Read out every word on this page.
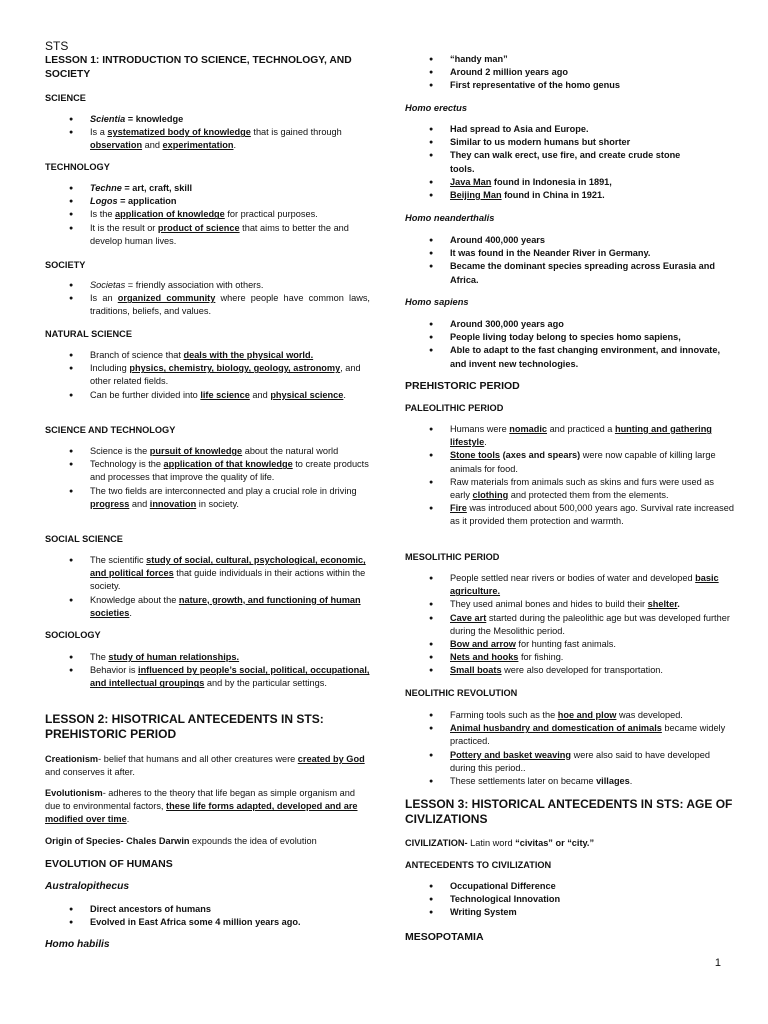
STS
LESSON 1: INTRODUCTION TO SCIENCE, TECHNOLOGY, AND SOCIETY
SCIENCE
● Scientia = knowledge
● Is a systematized body of knowledge that is gained through observation and experimentation.
TECHNOLOGY
● Techne = art, craft, skill
● Logos = application
● Is the application of knowledge for practical purposes.
● It is the result or product of science that aims to better the and develop human lives.
SOCIETY
● Societas = friendly association with others.
● Is an organized community where people have common laws, traditions, beliefs, and values.
NATURAL SCIENCE
● Branch of science that deals with the physical world.
● Including physics, chemistry, biology, geology, astronomy, and other related fields.
● Can be further divided into life science and physical science.
SCIENCE AND TECHNOLOGY
● Science is the pursuit of knowledge about the natural world
● Technology is the application of that knowledge to create products and processes that improve the quality of life.
● The two fields are interconnected and play a crucial role in driving progress and innovation in society.
SOCIAL SCIENCE
● The scientific study of social, cultural, psychological, economic, and political forces that guide individuals in their actions within the society.
● Knowledge about the nature, growth, and functioning of human societies.
SOCIOLOGY
● The study of human relationships.
● Behavior is influenced by people’s social, political, occupational, and intellectual groupings and by the particular settings.
LESSON 2: HISOTRICAL ANTECEDENTS IN STS: PREHISTORIC PERIOD
Creationism- belief that humans and all other creatures were created by God and conserves it after.
Evolutionism- adheres to the theory that life began as simple organism and due to environmental factors, these life forms adapted, developed and are modified over time.
Origin of Species- Chales Darwin expounds the idea of evolution
EVOLUTION OF HUMANS
Australopithecus
● Direct ancestors of humans
● Evolved in East Africa some 4 million years ago.
Homo habilis
● “handy man”
● Around 2 million years ago
● First representative of the homo genus
Homo erectus
● Had spread to Asia and Europe.
● Similar to us modern humans but shorter
● They can walk erect, use fire, and create crude stone tools.
● Java Man found in Indonesia in 1891,
● Beijing Man found in China in 1921.
Homo neanderthalis
● Around 400,000 years
● It was found in the Neander River in Germany.
● Became the dominant species spreading across Eurasia and Africa.
Homo sapiens
● Around 300,000 years ago
● People living today belong to species homo sapiens,
● Able to adapt to the fast changing environment, and innovate, and invent new technologies.
PREHISTORIC PERIOD
PALEOLITHIC PERIOD
● Humans were nomadic and practiced a hunting and gathering lifestyle.
● Stone tools (axes and spears) were now capable of killing large animals for food.
● Raw materials from animals such as skins and furs were used as early clothing and protected them from the elements.
● Fire was introduced about 500,000 years ago. Survival rate increased as it provided them protection and warmth.
MESOLITHIC PERIOD
● People settled near rivers or bodies of water and developed basic agriculture.
● They used animal bones and hides to build their shelter.
● Cave art started during the paleolithic age but was developed further during the Mesolithic period.
● Bow and arrow for hunting fast animals.
● Nets and hooks for fishing.
● Small boats were also developed for transportation.
NEOLITHIC REVOLUTION
● Farming tools such as the hoe and plow was developed.
● Animal husbandry and domestication of animals became widely practiced.
● Pottery and basket weaving were also said to have developed during this period..
● These settlements later on became villages.
LESSON 3: HISTORICAL ANTECEDENTS IN STS: AGE OF CIVLIZATIONS
CIVILIZATION- Latin word “civitas” or “city.”
ANTECEDENTS TO CIVILIZATION
● Occupational Difference
● Technological Innovation
● Writing System
MESOPOTAMIA
1
